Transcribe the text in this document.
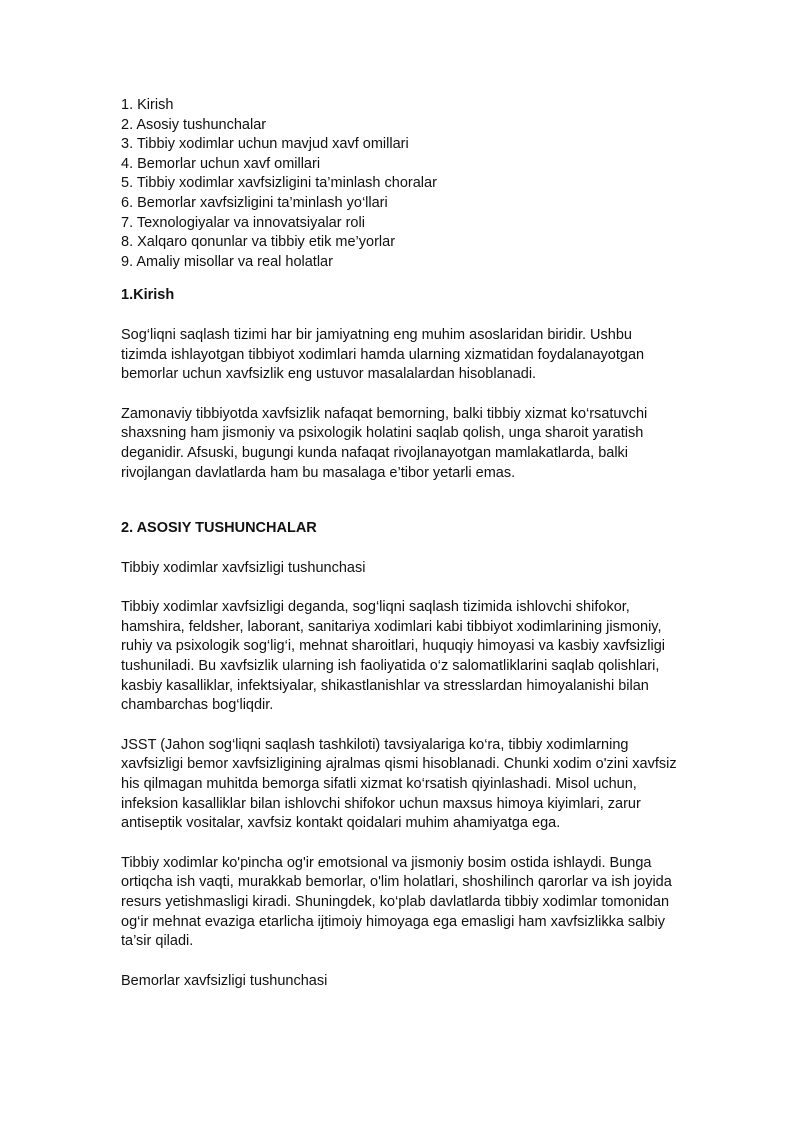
1. Kirish
2. Asosiy tushunchalar
3. Tibbiy xodimlar uchun mavjud xavf omillari
4. Bemorlar uchun xavf omillari
5. Tibbiy xodimlar xavfsizligini ta’minlash choralar
6. Bemorlar xavfsizligini ta’minlash yo‘llari
7. Texnologiyalar va innovatsiyalar roli
8. Xalqaro qonunlar va tibbiy etik me’yorlar
9. Amaliy misollar va real holatlar
1.Kirish

Sog‘liqni saqlash tizimi har bir jamiyatning eng muhim asoslaridan biridir. Ushbu tizimda ishlayotgan tibbiyot xodimlari hamda ularning xizmatidan foydalanayotgan bemorlar uchun xavfsizlik eng ustuvor masalalardan hisoblanadi.

Zamonaviy tibbiyotda xavfsizlik nafaqat bemorning, balki tibbiy xizmat ko‘rsatuvchi shaxsning ham jismoniy va psixologik holatini saqlab qolish, unga sharoit yaratish deganidir. Afsuski, bugungi kunda nafaqat rivojlanayotgan mamlakatlarda, balki rivojlangan davlatlarda ham bu masalaga e’tibor yetarli emas.

2. ASOSIY TUSHUNCHALAR

Tibbiy xodimlar xavfsizligi tushunchasi

Tibbiy xodimlar xavfsizligi deganda, sog‘liqni saqlash tizimida ishlovchi shifokor, hamshira, feldsher, laborant, sanitariya xodimlari kabi tibbiyot xodimlarining jismoniy, ruhiy va psixologik sog‘lig‘i, mehnat sharoitlari, huquqiy himoyasi va kasbiy xavfsizligi tushuniladi. Bu xavfsizlik ularning ish faoliyatida o‘z salomatliklarini saqlab qolishlari, kasbiy kasalliklar, infektsiyalar, shikastlanishlar va stresslardan himoyalanishi bilan chambarchas bog‘liqdir.

JSST (Jahon sog‘liqni saqlash tashkiloti) tavsiyalariga ko‘ra, tibbiy xodimlarning xavfsizligi bemor xavfsizligining ajralmas qismi hisoblanadi. Chunki xodim o'zini xavfsiz his qilmagan muhitda bemorga sifatli xizmat ko‘rsatish qiyinlashadi. Misol uchun, infeksion kasalliklar bilan ishlovchi shifokor uchun maxsus himoya kiyimlari, zarur antiseptik vositalar, xavfsiz kontakt qoidalari muhim ahamiyatga ega.

Tibbiy xodimlar ko'pincha og'ir emotsional va jismoniy bosim ostida ishlaydi. Bunga ortiqcha ish vaqti, murakkab bemorlar, o'lim holatlari, shoshilinch qarorlar va ish joyida resurs yetishmasligi kiradi. Shuningdek, ko‘plab davlatlarda tibbiy xodimlar tomonidan og‘ir mehnat evaziga etarlicha ijtimoiy himoyaga ega emasligi ham xavfsizlikka salbiy ta’sir qiladi.

Bemorlar xavfsizligi tushunchasi
